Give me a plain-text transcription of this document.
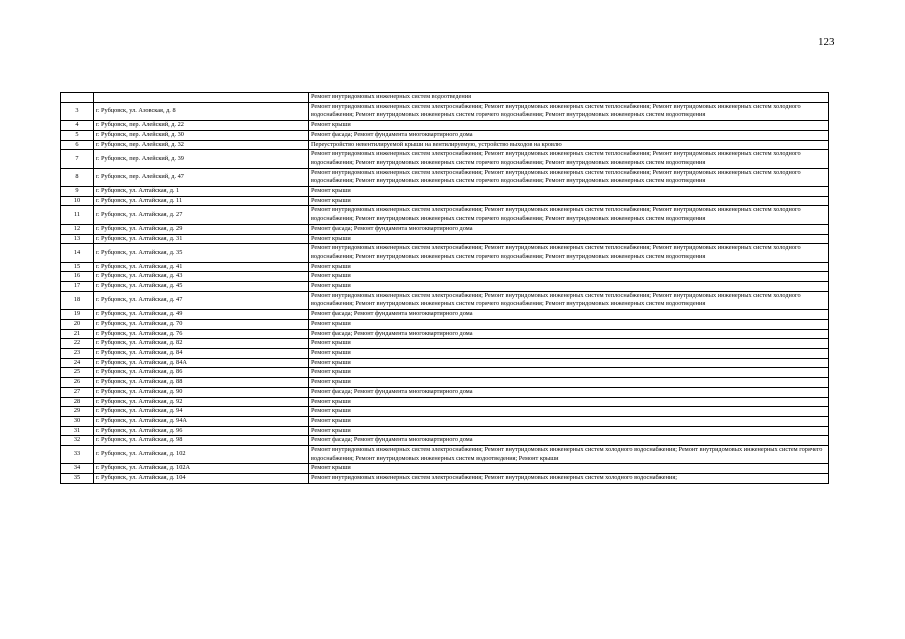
123
		Ремонт внутридомовых инженерных систем водоотведения
3	г. Рубцовск, ул. Азовская, д. 8	Ремонт внутридомовых инженерных систем электроснабжения; Ремонт внутридомовых инженерных систем теплоснабжения; Ремонт внутридомовых инженерных систем холодного водоснабжения; Ремонт внутридомовых инженерных систем горячего водоснабжения; Ремонт внутридомовых инженерных систем водоотведения
4	г. Рубцовск, пер. Алейский, д. 22	Ремонт крыши
5	г. Рубцовск, пер. Алейский, д. 30	Ремонт фасада; Ремонт фундамента многоквартирного дома
6	г. Рубцовск, пер. Алейский, д. 32	Переустройство невентилируемой крыши на вентилируемую, устройство выходов на кровлю
7	г. Рубцовск, пер. Алейский, д. 39	Ремонт внутридомовых инженерных систем электроснабжения; Ремонт внутридомовых инженерных систем теплоснабжения; Ремонт внутридомовых инженерных систем холодного водоснабжения; Ремонт внутридомовых инженерных систем горячего водоснабжения; Ремонт внутридомовых инженерных систем водоотведения
8	г. Рубцовск, пер. Алейский, д. 47	Ремонт внутридомовых инженерных систем электроснабжения; Ремонт внутридомовых инженерных систем теплоснабжения; Ремонт внутридомовых инженерных систем холодного водоснабжения; Ремонт внутридомовых инженерных систем горячего водоснабжения; Ремонт внутридомовых инженерных систем водоотведения
9	г. Рубцовск, ул. Алтайская, д. 1	Ремонт крыши
10	г. Рубцовск, ул. Алтайская, д. 11	Ремонт крыши
11	г. Рубцовск, ул. Алтайская, д. 27	Ремонт внутридомовых инженерных систем электроснабжения; Ремонт внутридомовых инженерных систем теплоснабжения; Ремонт внутридомовых инженерных систем холодного водоснабжения; Ремонт внутридомовых инженерных систем горячего водоснабжения; Ремонт внутридомовых инженерных систем водоотведения
12	г. Рубцовск, ул. Алтайская, д. 29	Ремонт фасада; Ремонт фундамента многоквартирного дома
13	г. Рубцовск, ул. Алтайская, д. 31	Ремонт крыши
14	г. Рубцовск, ул. Алтайская, д. 35	Ремонт внутридомовых инженерных систем электроснабжения; Ремонт внутридомовых инженерных систем теплоснабжения; Ремонт внутридомовых инженерных систем холодного водоснабжения; Ремонт внутридомовых инженерных систем горячего водоснабжения; Ремонт внутридомовых инженерных систем водоотведения
15	г. Рубцовск, ул. Алтайская, д. 41	Ремонт крыши
16	г. Рубцовск, ул. Алтайская, д. 43	Ремонт крыши
17	г. Рубцовск, ул. Алтайская, д. 45	Ремонт крыши
18	г. Рубцовск, ул. Алтайская, д. 47	Ремонт внутридомовых инженерных систем электроснабжения; Ремонт внутридомовых инженерных систем теплоснабжения; Ремонт внутридомовых инженерных систем холодного водоснабжения; Ремонт внутридомовых инженерных систем горячего водоснабжения; Ремонт внутридомовых инженерных систем водоотведения
19	г. Рубцовск, ул. Алтайская, д. 49	Ремонт фасада; Ремонт фундамента многоквартирного дома
20	г. Рубцовск, ул. Алтайская, д. 70	Ремонт крыши
21	г. Рубцовск, ул. Алтайская, д. 76	Ремонт фасада; Ремонт фундамента многоквартирного дома
22	г. Рубцовск, ул. Алтайская, д. 82	Ремонт крыши
23	г. Рубцовск, ул. Алтайская, д. 84	Ремонт крыши
24	г. Рубцовск, ул. Алтайская, д. 84А	Ремонт крыши
25	г. Рубцовск, ул. Алтайская, д. 86	Ремонт крыши
26	г. Рубцовск, ул. Алтайская, д. 88	Ремонт крыши
27	г. Рубцовск, ул. Алтайская, д. 90	Ремонт фасада; Ремонт фундамента многоквартирного дома
28	г. Рубцовск, ул. Алтайская, д. 92	Ремонт крыши
29	г. Рубцовск, ул. Алтайская, д. 94	Ремонт крыши
30	г. Рубцовск, ул. Алтайская, д. 94А	Ремонт крыши
31	г. Рубцовск, ул. Алтайская, д. 96	Ремонт крыши
32	г. Рубцовск, ул. Алтайская, д. 98	Ремонт фасада; Ремонт фундамента многоквартирного дома
33	г. Рубцовск, ул. Алтайская, д. 102	Ремонт внутридомовых инженерных систем электроснабжения; Ремонт внутридомовых инженерных систем холодного водоснабжения; Ремонт внутридомовых инженерных систем горячего водоснабжения; Ремонт внутридомовых инженерных систем водоотведения; Ремонт крыши
34	г. Рубцовск, ул. Алтайская, д. 102А	Ремонт крыши
35	г. Рубцовск, ул. Алтайская, д. 104	Ремонт внутридомовых инженерных систем электроснабжения; Ремонт внутридомовых инженерных систем холодного водоснабжения;
